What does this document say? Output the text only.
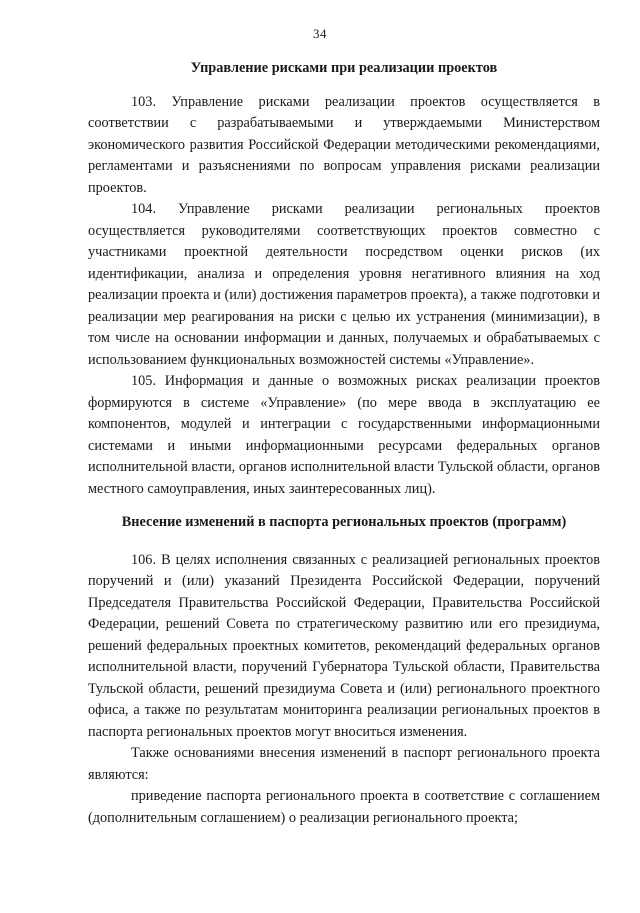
34
Управление рисками при реализации проектов

103. Управление рисками реализации проектов осуществляется в соответствии с разрабатываемыми и утверждаемыми Министерством экономического развития Российской Федерации методическими рекомендациями, регламентами и разъяснениями по вопросам управления рисками реализации проектов.

104. Управление рисками реализации региональных проектов осуществляется руководителями соответствующих проектов совместно с участниками проектной деятельности посредством оценки рисков (их идентификации, анализа и определения уровня негативного влияния на ход реализации проекта и (или) достижения параметров проекта), а также подготовки и реализации мер реагирования на риски с целью их устранения (минимизации), в том числе на основании информации и данных, получаемых и обрабатываемых с использованием функциональных возможностей системы «Управление».

105. Информация и данные о возможных рисках реализации проектов формируются в системе «Управление» (по мере ввода в эксплуатацию ее компонентов, модулей и интеграции с государственными информационными системами и иными информационными ресурсами федеральных органов исполнительной власти, органов исполнительной власти Тульской области, органов местного самоуправления, иных заинтересованных лиц).

Внесение изменений в паспорта региональных проектов (программ)

106. В целях исполнения связанных с реализацией региональных проектов поручений и (или) указаний Президента Российской Федерации, поручений Председателя Правительства Российской Федерации, Правительства Российской Федерации, решений Совета по стратегическому развитию или его президиума, решений федеральных проектных комитетов, рекомендаций федеральных органов исполнительной власти, поручений Губернатора Тульской области, Правительства Тульской области, решений президиума Совета и (или) регионального проектного офиса, а также по результатам мониторинга реализации региональных проектов в паспорта региональных проектов могут вноситься изменения.

Также основаниями внесения изменений в паспорт регионального проекта являются:

приведение паспорта регионального проекта в соответствие с соглашением (дополнительным соглашением) о реализации регионального проекта;
